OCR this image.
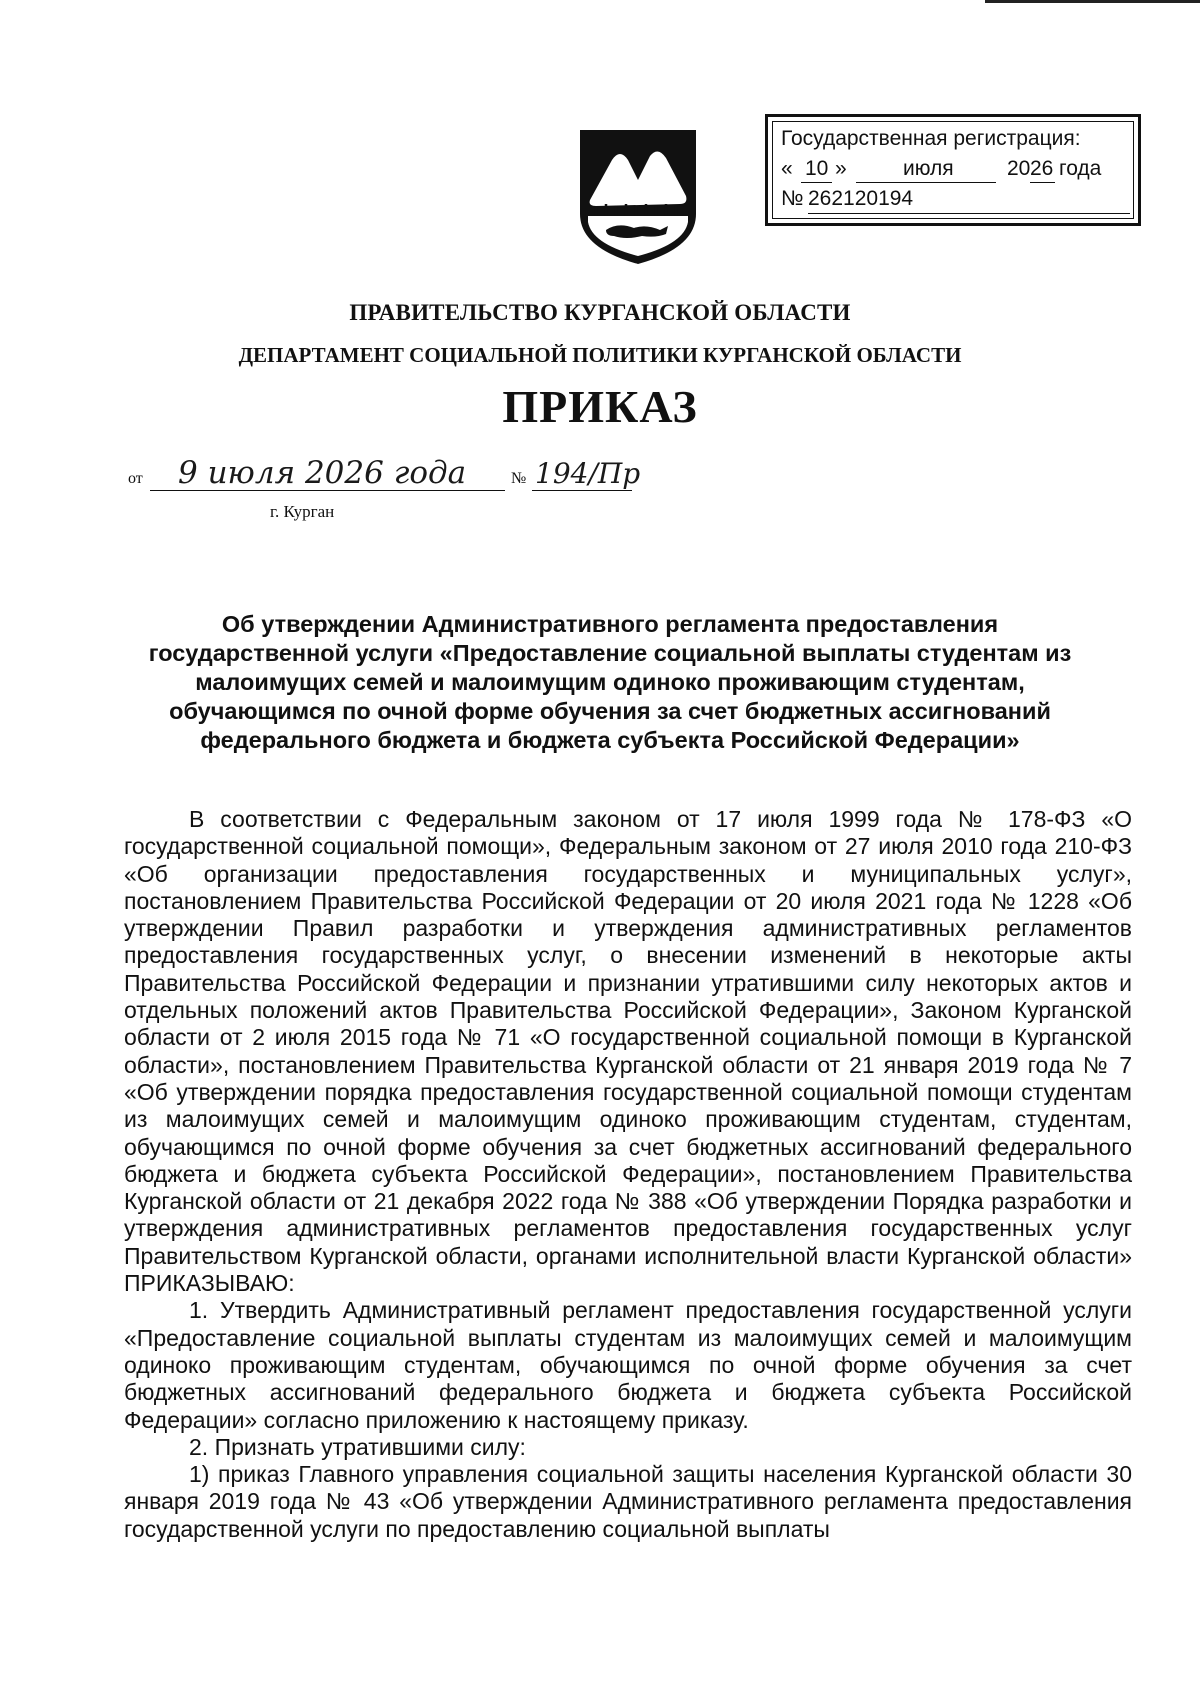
Государственная регистрация:
« 10 »	июля	20 26 года
№ 262120194
ПРАВИТЕЛЬСТВО КУРГАНСКОЙ ОБЛАСТИ
ДЕПАРТАМЕНТ СОЦИАЛЬНОЙ ПОЛИТИКИ КУРГАНСКОЙ ОБЛАСТИ
ПРИКАЗ
от 9 июля 2026 года	№ 194/Пр
г. Курган
Об утверждении Административного регламента предоставления государственной услуги «Предоставление социальной выплаты студентам из малоимущих семей и малоимущим одиноко проживающим студентам, обучающимся по очной форме обучения за счет бюджетных ассигнований федерального бюджета и бюджета субъекта Российской Федерации»

В соответствии с Федеральным законом от 17 июля 1999 года № 178-ФЗ «О государственной социальной помощи», Федеральным законом от 27 июля 2010 года 210-ФЗ «Об организации предоставления государственных и муниципальных услуг», постановлением Правительства Российской Федерации от 20 июля 2021 года № 1228 «Об утверждении Правил разработки и утверждения административных регламентов предоставления государственных услуг, о внесении изменений в некоторые акты Правительства Российской Федерации и признании утратившими силу некоторых актов и отдельных положений актов Правительства Российской Федерации», Законом Курганской области от 2 июля 2015 года № 71 «О государственной социальной помощи в Курганской области», постановлением Правительства Курганской области от 21 января 2019 года № 7 «Об утверждении порядка предоставления государственной социальной помощи студентам из малоимущих семей и малоимущим одиноко проживающим студентам, студентам, обучающимся по очной форме обучения за счет бюджетных ассигнований федерального бюджета и бюджета субъекта Российской Федерации», постановлением Правительства Курганской области от 21 декабря 2022 года № 388 «Об утверждении Порядка разработки и утверждения административных регламентов предоставления государственных услуг Правительством Курганской области, органами исполнительной власти Курганской области» ПРИКАЗЫВАЮ:

1. Утвердить Административный регламент предоставления государственной услуги «Предоставление социальной выплаты студентам из малоимущих семей и малоимущим одиноко проживающим студентам, обучающимся по очной форме обучения за счет бюджетных ассигнований федерального бюджета и бюджета субъекта Российской Федерации» согласно приложению к настоящему приказу.

2. Признать утратившими силу:

1) приказ Главного управления социальной защиты населения Курганской области 30 января 2019 года № 43 «Об утверждении Административного регламента предоставления государственной услуги по предоставлению социальной выплаты
